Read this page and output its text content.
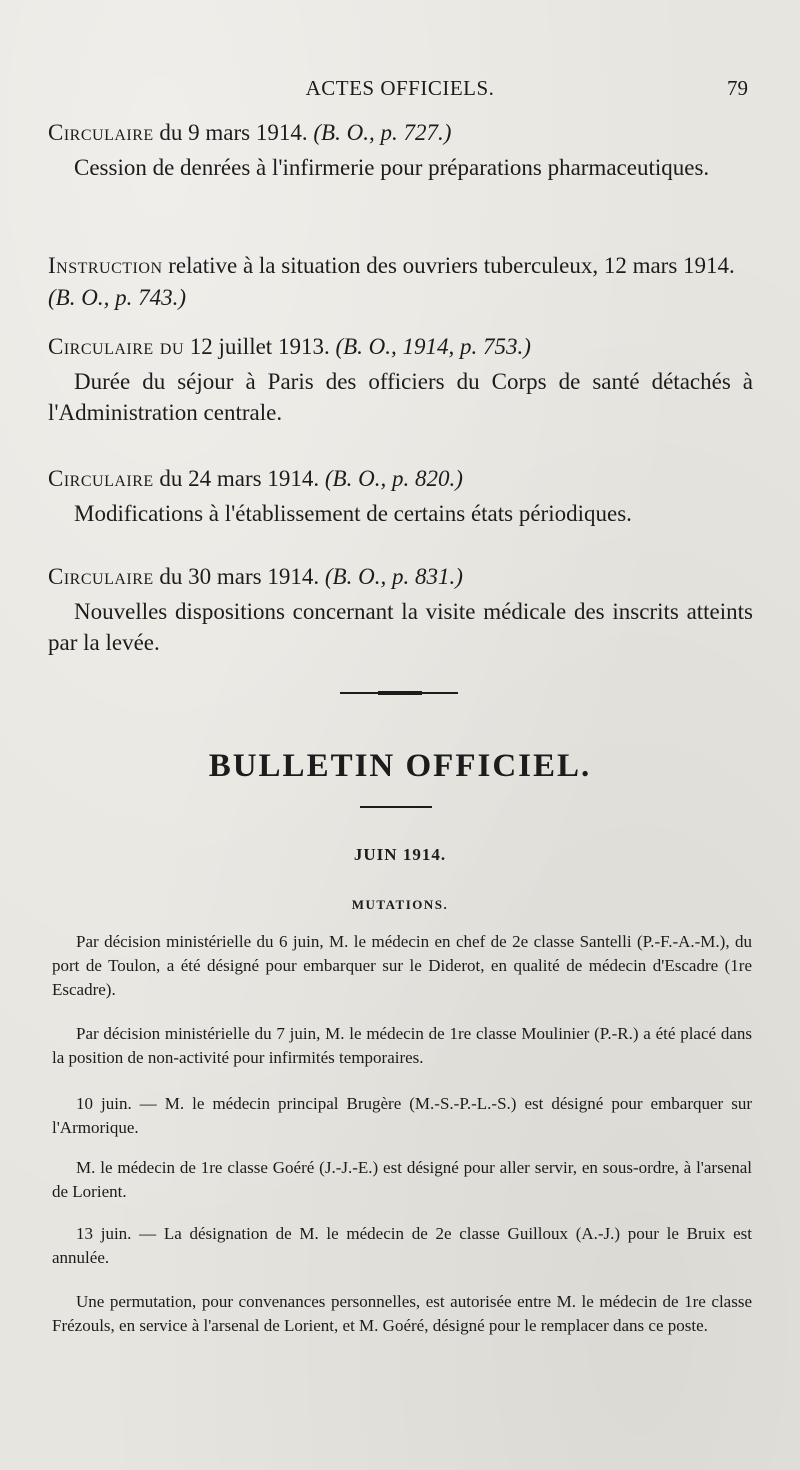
ACTES OFFICIELS.	79

Circulaire du 9 mars 1914. (B. O., p. 727.)

Cession de denrées à l'infirmerie pour préparations pharmaceutiques.

Instruction relative à la situation des ouvriers tuberculeux, 12 mars 1914. (B. O., p. 743.)

Circulaire du 12 juillet 1913. (B. O., 1914, p. 753.)

Durée du séjour à Paris des officiers du Corps de santé détachés à l'Administration centrale.

Circulaire du 24 mars 1914. (B. O., p. 820.)

Modifications à l'établissement de certains états périodiques.

Circulaire du 30 mars 1914. (B. O., p. 831.)

Nouvelles dispositions concernant la visite médicale des inscrits atteints par la levée.

BULLETIN OFFICIEL.
JUIN 1914.
MUTATIONS.

Par décision ministérielle du 6 juin, M. le médecin en chef de 2e classe Santelli (P.-F.-A.-M.), du port de Toulon, a été désigné pour embarquer sur le Diderot, en qualité de médecin d'Escadre (1re Escadre).

Par décision ministérielle du 7 juin, M. le médecin de 1re classe Moulinier (P.-R.) a été placé dans la position de non-activité pour infirmités temporaires.

10 juin. — M. le médecin principal Brugère (M.-S.-P.-L.-S.) est désigné pour embarquer sur l'Armorique.

M. le médecin de 1re classe Goéré (J.-J.-E.) est désigné pour aller servir, en sous-ordre, à l'arsenal de Lorient.

13 juin. — La désignation de M. le médecin de 2e classe Guilloux (A.-J.) pour le Bruix est annulée.

Une permutation, pour convenances personnelles, est autorisée entre M. le médecin de 1re classe Frézouls, en service à l'arsenal de Lorient, et M. Goéré, désigné pour le remplacer dans ce poste.
